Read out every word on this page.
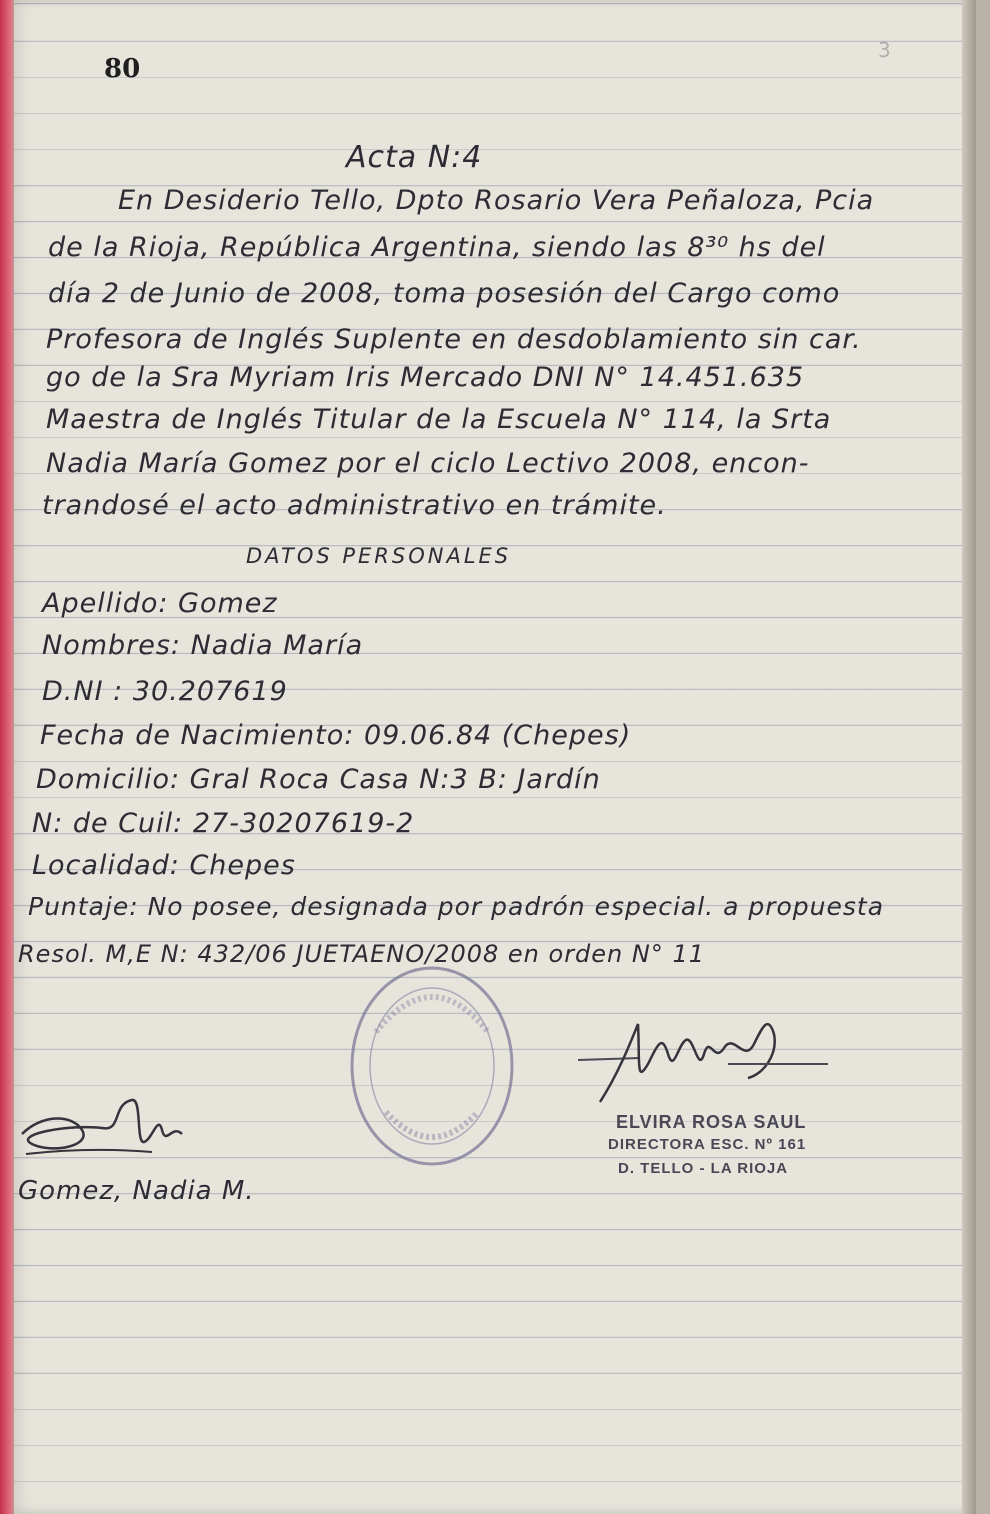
80
3
Acta N:4
En Desiderio Tello, Dpto Rosario Vera Peñaloza, Pcia
de la Rioja, República Argentina, siendo las 8³⁰ hs del
día 2 de Junio de 2008, toma posesión del Cargo como
Profesora de Inglés Suplente en desdoblamiento sin car.
go de la Sra Myriam Iris Mercado DNI N° 14.451.635
Maestra de Inglés Titular de la Escuela N° 114, la Srta
Nadia María Gomez por el ciclo Lectivo 2008, encon-
trandosé el acto administrativo en trámite.
DATOS PERSONALES
Apellido: Gomez
Nombres: Nadia María
D.NI : 30.207619
Fecha de Nacimiento: 09.06.84 (Chepes)
Domicilio: Gral Roca Casa N:3 B: Jardín
N: de Cuil: 27-30207619-2
Localidad: Chepes
Puntaje: No posee, designada por padrón especial. a propuesta
Resol. M,E N: 432/06 JUETAENO/2008 en orden N° 11
ELVIRA ROSA SAUL
DIRECTORA ESC. Nº 161
D. TELLO - LA RIOJA
Gomez, Nadia M.
